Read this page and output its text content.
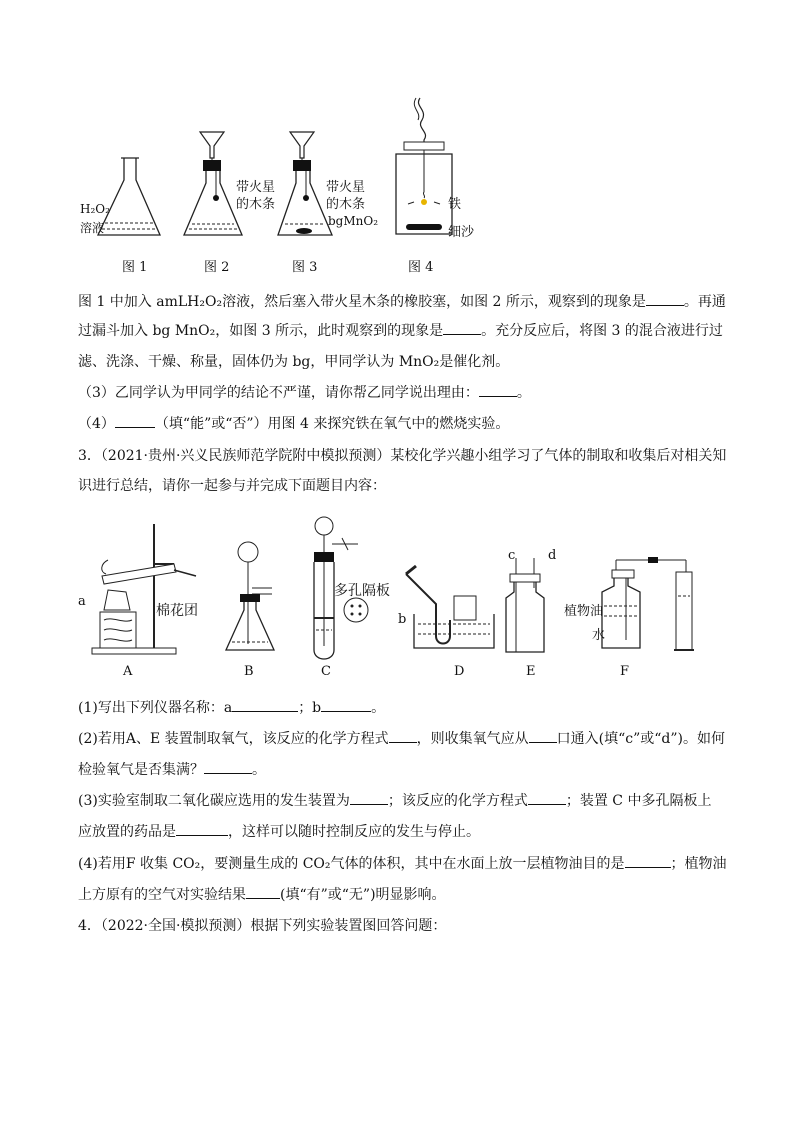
H₂O₂
溶液
图 1
带火星
的木条
图 2
带火星
的木条
bgMnO₂
图 3
铁
细沙
图 4
图 1 中加入 amLH₂O₂溶液，然后塞入带火星木条的橡胶塞，如图 2 所示，观察到的现象是	。再通
过漏斗加入 bg MnO₂，如图 3 所示，此时观察到的现象是	。充分反应后，将图 3 的混合液进行过
滤、洗涤、干燥、称量，固体仍为 bg，甲同学认为 MnO₂是催化剂。
（3）乙同学认为甲同学的结论不严谨，请你帮乙同学说出理由：	。
（4）	（填“能”或“否”）用图 4 来探究铁在氧气中的燃烧实验。
3．（2021·贵州·兴义民族师范学院附中模拟预测）某校化学兴趣小组学习了气体的制取和收集后对相关知
识进行总结，请你一起参与并完成下面题目内容：
a
棉花团
A	B
多孔隔板
C
b
D
c	d
E
植物油
水
F
(1)写出下列仪器名称：a	；b	。
(2)若用A、E 装置制取氧气，该反应的化学方程式 ，则收集氧气应从 口通入(填“c”或“d”)。如何
检验氧气是否集满？	。
(3)实验室制取二氧化碳应选用的发生装置为	；该反应的化学方程式	；装置 C 中多孔隔板上
应放置的药品是	，这样可以随时控制反应的发生与停止。
(4)若用F 收集 CO₂，要测量生成的 CO₂气体的体积，其中在水面上放一层植物油目的是	；植物油
上方原有的空气对实验结果 (填“有”或“无”)明显影响。
4．（2022·全国·模拟预测）根据下列实验装置图回答问题：
